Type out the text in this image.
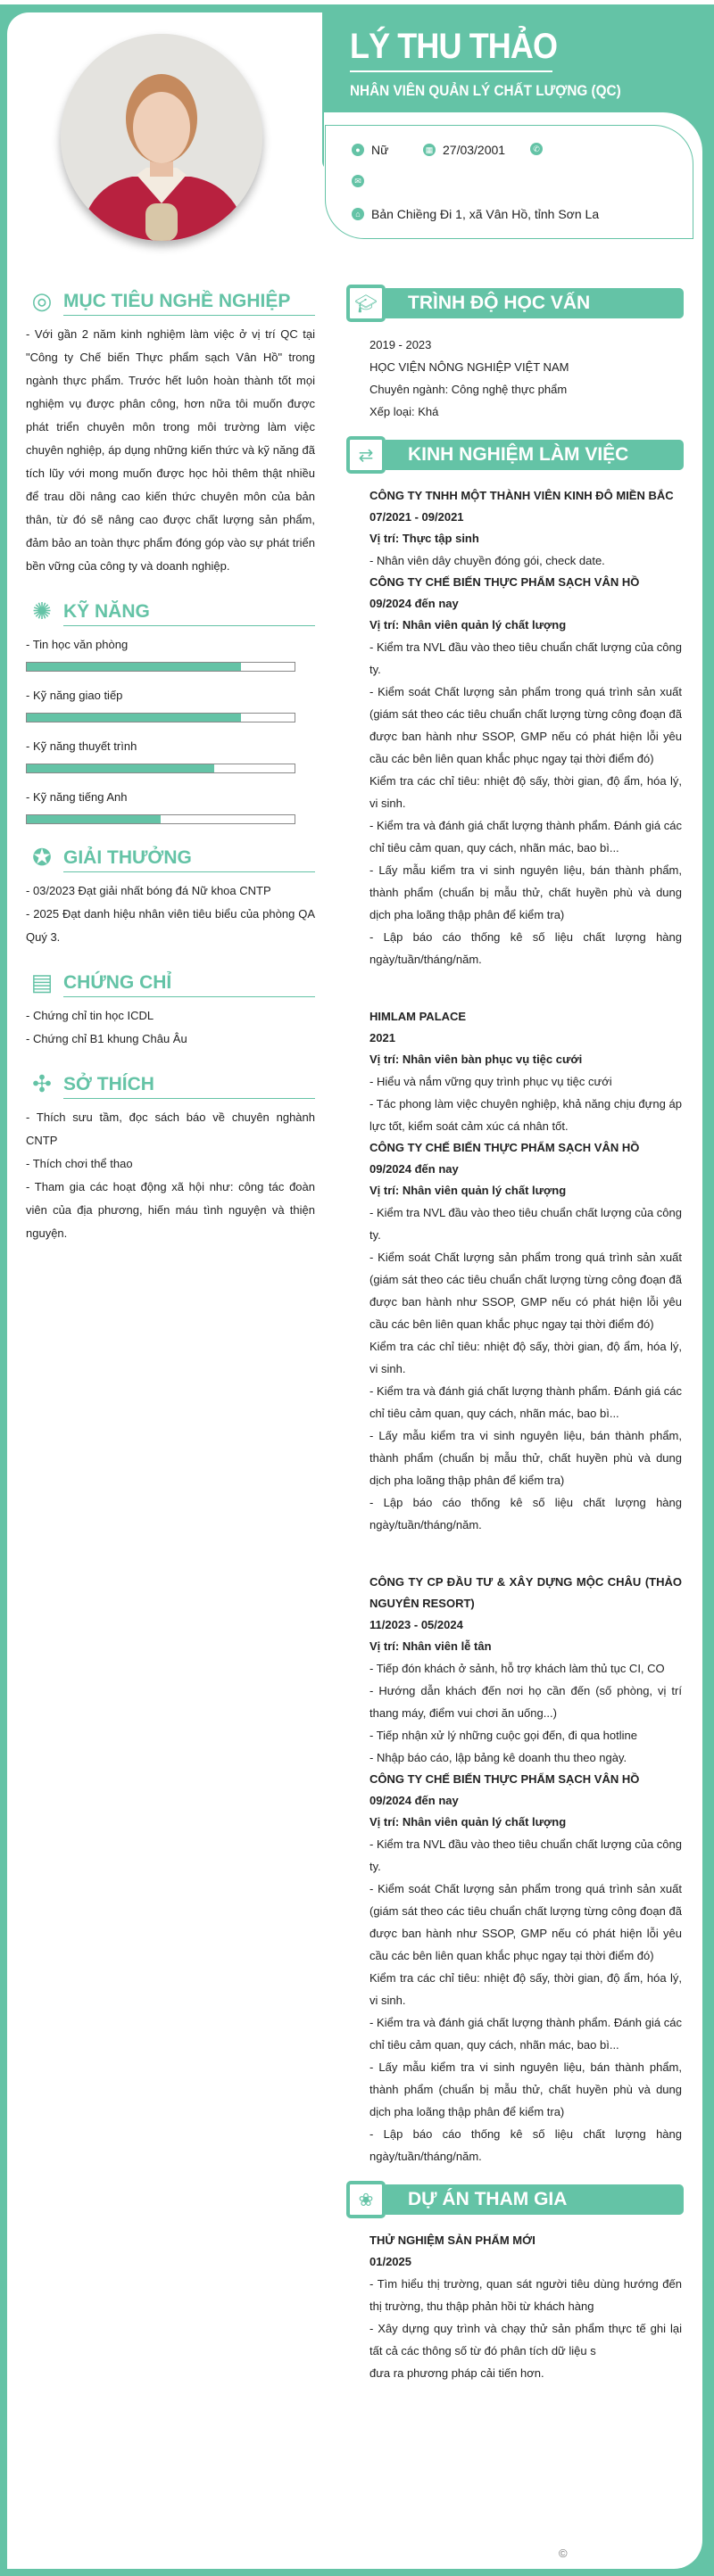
LÝ THU THẢO
NHÂN VIÊN QUẢN LÝ CHẤT LƯỢNG (QC)
● Nữ	▦ 27/03/2001	✆
✉
⌂ Bản Chiềng Đi 1, xã Vân Hồ, tỉnh Sơn La
◎ MỤC TIÊU NGHỀ NGHIỆP
- Với gần 2 năm kinh nghiệm làm việc ở vị trí QC tại "Công ty Chế biến Thực phẩm sạch Vân Hồ" trong ngành thực phẩm. Trước hết luôn hoàn thành tốt mọi nghiệm vụ được phân công, hơn nữa tôi muốn được phát triển chuyên môn trong môi trường làm việc chuyên nghiệp, áp dụng những kiến thức và kỹ năng đã tích lũy với mong muốn được học hỏi thêm thật nhiều để trau dồi nâng cao kiến thức chuyên môn của bản thân, từ đó sẽ nâng cao được chất lượng sản phẩm, đảm bảo an toàn thực phẩm đóng góp vào sự phát triển bền vững của công ty và doanh nghiệp.
✺ KỸ NĂNG
- Tin học văn phòng
- Kỹ năng giao tiếp
- Kỹ năng thuyết trình
- Kỹ năng tiếng Anh
✪ GIẢI THƯỞNG
- 03/2023 Đạt giải nhất bóng đá Nữ khoa CNTP
- 2025 Đạt danh hiệu nhân viên tiêu biểu của phòng QA Quý 3.
▤ CHỨNG CHỈ
- Chứng chỉ tin học ICDL
- Chứng chỉ B1 khung Châu Âu
✣ SỞ THÍCH
- Thích sưu tầm, đọc sách báo về chuyên nghành CNTP
- Thích chơi thể thao
- Tham gia các hoạt động xã hội như: công tác đoàn viên của địa phương, hiến máu tình nguyện và thiện nguyện.
🎓︎	TRÌNH ĐỘ HỌC VẤN
2019 - 2023
HỌC VIỆN NÔNG NGHIỆP VIỆT NAM
Chuyên ngành: Công nghệ thực phẩm
Xếp loại: Khá
⇄	KINH NGHIỆM LÀM VIỆC
CÔNG TY TNHH MỘT THÀNH VIÊN KINH ĐÔ MIỀN BẮC
07/2021 - 09/2021
Vị trí: Thực tập sinh
- Nhân viên dây chuyền đóng gói, check date.
CÔNG TY CHẾ BIẾN THỰC PHẨM SẠCH VÂN HỒ
09/2024 đến nay
Vị trí: Nhân viên quản lý chất lượng
- Kiểm tra NVL đầu vào theo tiêu chuẩn chất lượng của công ty.
- Kiểm soát Chất lượng sản phẩm trong quá trình sản xuất (giám sát theo các tiêu chuẩn chất lượng từng công đoạn đã được ban hành như SSOP, GMP nếu có phát hiện lỗi yêu cầu các bên liên quan khắc phục ngay tại thời điểm đó)
Kiểm tra các chỉ tiêu: nhiệt độ sấy, thời gian, độ ẩm, hóa lý, vi sinh.
- Kiểm tra và đánh giá chất lượng thành phẩm. Đánh giá các chỉ tiêu cảm quan, quy cách, nhãn mác, bao bì...
- Lấy mẫu kiểm tra vi sinh nguyên liệu, bán thành phẩm, thành phẩm (chuẩn bị mẫu thử, chất huyền phù và dung dịch pha loãng thập phân để kiểm tra)
- Lập báo cáo thống kê số liệu chất lượng hàng ngày/tuần/tháng/năm.
HIMLAM PALACE
2021
Vị trí: Nhân viên bàn phục vụ tiệc cưới
- Hiểu và nắm vững quy trình phục vụ tiệc cưới
- Tác phong làm việc chuyên nghiệp, khả năng chịu đựng áp lực tốt, kiểm soát cảm xúc cá nhân tốt.
CÔNG TY CHẾ BIẾN THỰC PHẨM SẠCH VÂN HỒ
09/2024 đến nay
Vị trí: Nhân viên quản lý chất lượng
- Kiểm tra NVL đầu vào theo tiêu chuẩn chất lượng của công ty.
- Kiểm soát Chất lượng sản phẩm trong quá trình sản xuất (giám sát theo các tiêu chuẩn chất lượng từng công đoạn đã được ban hành như SSOP, GMP nếu có phát hiện lỗi yêu cầu các bên liên quan khắc phục ngay tại thời điểm đó)
Kiểm tra các chỉ tiêu: nhiệt độ sấy, thời gian, độ ẩm, hóa lý, vi sinh.
- Kiểm tra và đánh giá chất lượng thành phẩm. Đánh giá các chỉ tiêu cảm quan, quy cách, nhãn mác, bao bì...
- Lấy mẫu kiểm tra vi sinh nguyên liệu, bán thành phẩm, thành phẩm (chuẩn bị mẫu thử, chất huyền phù và dung dịch pha loãng thập phân để kiểm tra)
- Lập báo cáo thống kê số liệu chất lượng hàng ngày/tuần/tháng/năm.
CÔNG TY CP ĐẦU TƯ & XÂY DỰNG MỘC CHÂU (THẢO NGUYÊN RESORT)
11/2023 - 05/2024
Vị trí: Nhân viên lễ tân
- Tiếp đón khách ở sảnh, hỗ trợ khách làm thủ tục CI, CO
- Hướng dẫn khách đến nơi họ cần đến (số phòng, vị trí thang máy, điểm vui chơi ăn uống...)
- Tiếp nhận xử lý những cuộc gọi đến, đi qua hotline
- Nhập báo cáo, lập bảng kê doanh thu theo ngày.
CÔNG TY CHẾ BIẾN THỰC PHẨM SẠCH VÂN HỒ
09/2024 đến nay
Vị trí: Nhân viên quản lý chất lượng
- Kiểm tra NVL đầu vào theo tiêu chuẩn chất lượng của công ty.
- Kiểm soát Chất lượng sản phẩm trong quá trình sản xuất (giám sát theo các tiêu chuẩn chất lượng từng công đoạn đã được ban hành như SSOP, GMP nếu có phát hiện lỗi yêu cầu các bên liên quan khắc phục ngay tại thời điểm đó)
Kiểm tra các chỉ tiêu: nhiệt độ sấy, thời gian, độ ẩm, hóa lý, vi sinh.
- Kiểm tra và đánh giá chất lượng thành phẩm. Đánh giá các chỉ tiêu cảm quan, quy cách, nhãn mác, bao bì...
- Lấy mẫu kiểm tra vi sinh nguyên liệu, bán thành phẩm, thành phẩm (chuẩn bị mẫu thử, chất huyền phù và dung dịch pha loãng thập phân để kiểm tra)
- Lập báo cáo thống kê số liệu chất lượng hàng ngày/tuần/tháng/năm.
❀	DỰ ÁN THAM GIA
THỬ NGHIỆM SẢN PHẨM MỚI
01/2025
- Tìm hiểu thị trường, quan sát người tiêu dùng hướng đến thị trường, thu thập phản hồi từ khách hàng
- Xây dựng quy trình và chạy thử sản phẩm thực tế ghi lại tất cả các thông số từ đó phân tích dữ liệu s
đưa ra phương pháp cải tiến hơn.
©
